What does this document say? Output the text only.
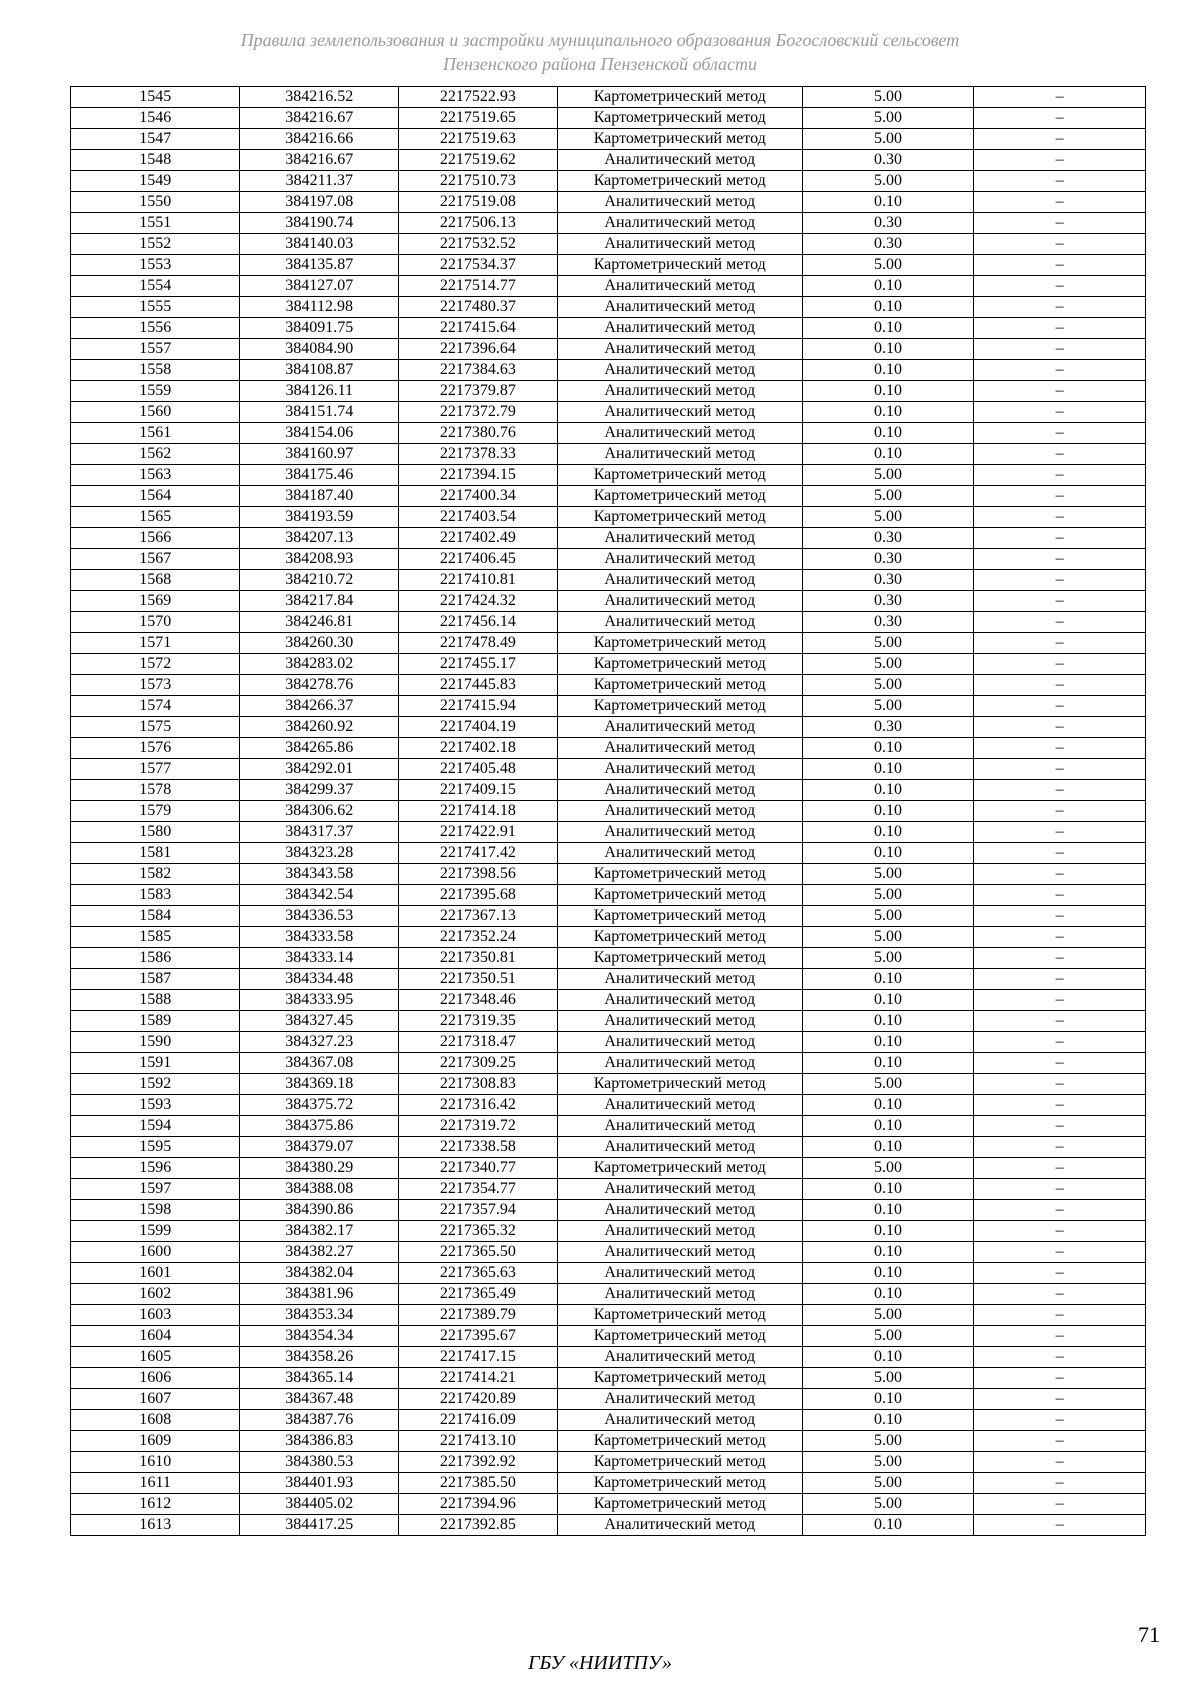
Правила землепользования и застройки муниципального образования Богословский сельсовет
Пензенского района Пензенской области
1545	384216.52	2217522.93	Картометрический метод	5.00	–
1546	384216.67	2217519.65	Картометрический метод	5.00	–
1547	384216.66	2217519.63	Картометрический метод	5.00	–
1548	384216.67	2217519.62	Аналитический метод	0.30	–
1549	384211.37	2217510.73	Картометрический метод	5.00	–
1550	384197.08	2217519.08	Аналитический метод	0.10	–
1551	384190.74	2217506.13	Аналитический метод	0.30	–
1552	384140.03	2217532.52	Аналитический метод	0.30	–
1553	384135.87	2217534.37	Картометрический метод	5.00	–
1554	384127.07	2217514.77	Аналитический метод	0.10	–
1555	384112.98	2217480.37	Аналитический метод	0.10	–
1556	384091.75	2217415.64	Аналитический метод	0.10	–
1557	384084.90	2217396.64	Аналитический метод	0.10	–
1558	384108.87	2217384.63	Аналитический метод	0.10	–
1559	384126.11	2217379.87	Аналитический метод	0.10	–
1560	384151.74	2217372.79	Аналитический метод	0.10	–
1561	384154.06	2217380.76	Аналитический метод	0.10	–
1562	384160.97	2217378.33	Аналитический метод	0.10	–
1563	384175.46	2217394.15	Картометрический метод	5.00	–
1564	384187.40	2217400.34	Картометрический метод	5.00	–
1565	384193.59	2217403.54	Картометрический метод	5.00	–
1566	384207.13	2217402.49	Аналитический метод	0.30	–
1567	384208.93	2217406.45	Аналитический метод	0.30	–
1568	384210.72	2217410.81	Аналитический метод	0.30	–
1569	384217.84	2217424.32	Аналитический метод	0.30	–
1570	384246.81	2217456.14	Аналитический метод	0.30	–
1571	384260.30	2217478.49	Картометрический метод	5.00	–
1572	384283.02	2217455.17	Картометрический метод	5.00	–
1573	384278.76	2217445.83	Картометрический метод	5.00	–
1574	384266.37	2217415.94	Картометрический метод	5.00	–
1575	384260.92	2217404.19	Аналитический метод	0.30	–
1576	384265.86	2217402.18	Аналитический метод	0.10	–
1577	384292.01	2217405.48	Аналитический метод	0.10	–
1578	384299.37	2217409.15	Аналитический метод	0.10	–
1579	384306.62	2217414.18	Аналитический метод	0.10	–
1580	384317.37	2217422.91	Аналитический метод	0.10	–
1581	384323.28	2217417.42	Аналитический метод	0.10	–
1582	384343.58	2217398.56	Картометрический метод	5.00	–
1583	384342.54	2217395.68	Картометрический метод	5.00	–
1584	384336.53	2217367.13	Картометрический метод	5.00	–
1585	384333.58	2217352.24	Картометрический метод	5.00	–
1586	384333.14	2217350.81	Картометрический метод	5.00	–
1587	384334.48	2217350.51	Аналитический метод	0.10	–
1588	384333.95	2217348.46	Аналитический метод	0.10	–
1589	384327.45	2217319.35	Аналитический метод	0.10	–
1590	384327.23	2217318.47	Аналитический метод	0.10	–
1591	384367.08	2217309.25	Аналитический метод	0.10	–
1592	384369.18	2217308.83	Картометрический метод	5.00	–
1593	384375.72	2217316.42	Аналитический метод	0.10	–
1594	384375.86	2217319.72	Аналитический метод	0.10	–
1595	384379.07	2217338.58	Аналитический метод	0.10	–
1596	384380.29	2217340.77	Картометрический метод	5.00	–
1597	384388.08	2217354.77	Аналитический метод	0.10	–
1598	384390.86	2217357.94	Аналитический метод	0.10	–
1599	384382.17	2217365.32	Аналитический метод	0.10	–
1600	384382.27	2217365.50	Аналитический метод	0.10	–
1601	384382.04	2217365.63	Аналитический метод	0.10	–
1602	384381.96	2217365.49	Аналитический метод	0.10	–
1603	384353.34	2217389.79	Картометрический метод	5.00	–
1604	384354.34	2217395.67	Картометрический метод	5.00	–
1605	384358.26	2217417.15	Аналитический метод	0.10	–
1606	384365.14	2217414.21	Картометрический метод	5.00	–
1607	384367.48	2217420.89	Аналитический метод	0.10	–
1608	384387.76	2217416.09	Аналитический метод	0.10	–
1609	384386.83	2217413.10	Картометрический метод	5.00	–
1610	384380.53	2217392.92	Картометрический метод	5.00	–
1611	384401.93	2217385.50	Картометрический метод	5.00	–
1612	384405.02	2217394.96	Картометрический метод	5.00	–
1613	384417.25	2217392.85	Аналитический метод	0.10	–
71
ГБУ «НИИТПУ»
